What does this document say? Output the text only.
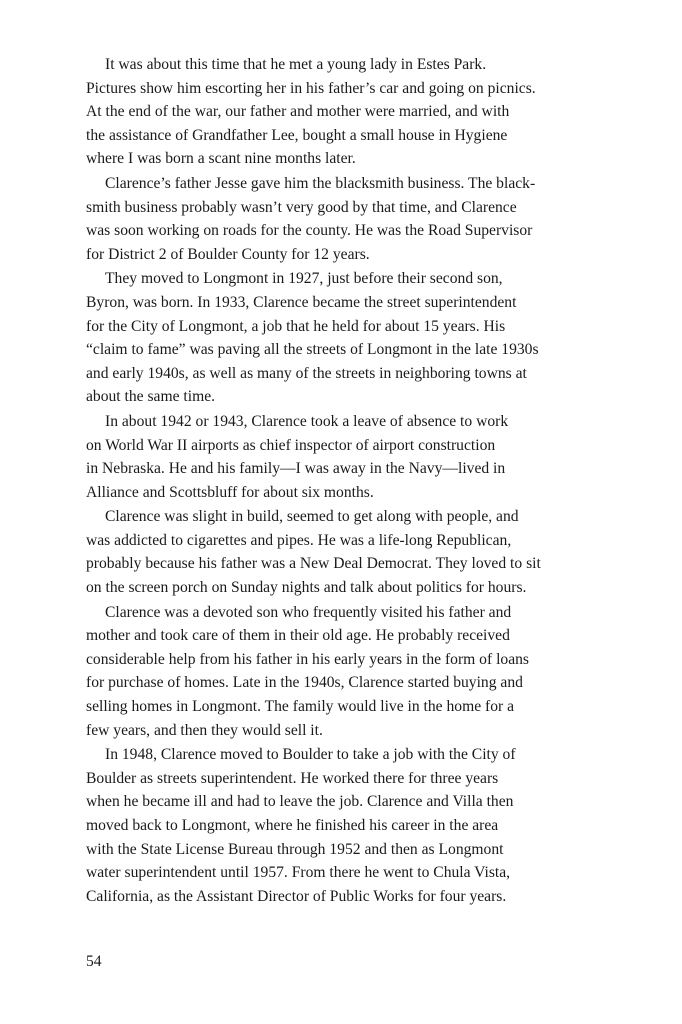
It was about this time that he met a young lady in Estes Park.
Pictures show him escorting her in his father’s car and going on picnics.
At the end of the war, our father and mother were married, and with
the assistance of Grandfather Lee, bought a small house in Hygiene
where I was born a scant nine months later.
Clarence’s father Jesse gave him the blacksmith business. The black-
smith business probably wasn’t very good by that time, and Clarence
was soon working on roads for the county. He was the Road Supervisor
for District 2 of Boulder County for 12 years.
They moved to Longmont in 1927, just before their second son,
Byron, was born. In 1933, Clarence became the street superintendent
for the City of Longmont, a job that he held for about 15 years. His
“claim to fame” was paving all the streets of Longmont in the late 1930s
and early 1940s, as well as many of the streets in neighboring towns at
about the same time.
In about 1942 or 1943, Clarence took a leave of absence to work
on World War II airports as chief inspector of airport construction
in Nebraska. He and his family—I was away in the Navy—lived in
Alliance and Scottsbluff for about six months.
Clarence was slight in build, seemed to get along with people, and
was addicted to cigarettes and pipes. He was a life-long Republican,
probably because his father was a New Deal Democrat. They loved to sit
on the screen porch on Sunday nights and talk about politics for hours.
Clarence was a devoted son who frequently visited his father and
mother and took care of them in their old age. He probably received
considerable help from his father in his early years in the form of loans
for purchase of homes. Late in the 1940s, Clarence started buying and
selling homes in Longmont. The family would live in the home for a
few years, and then they would sell it.
In 1948, Clarence moved to Boulder to take a job with the City of
Boulder as streets superintendent. He worked there for three years
when he became ill and had to leave the job. Clarence and Villa then
moved back to Longmont, where he finished his career in the area
with the State License Bureau through 1952 and then as Longmont
water superintendent until 1957. From there he went to Chula Vista,
California, as the Assistant Director of Public Works for four years.
54
